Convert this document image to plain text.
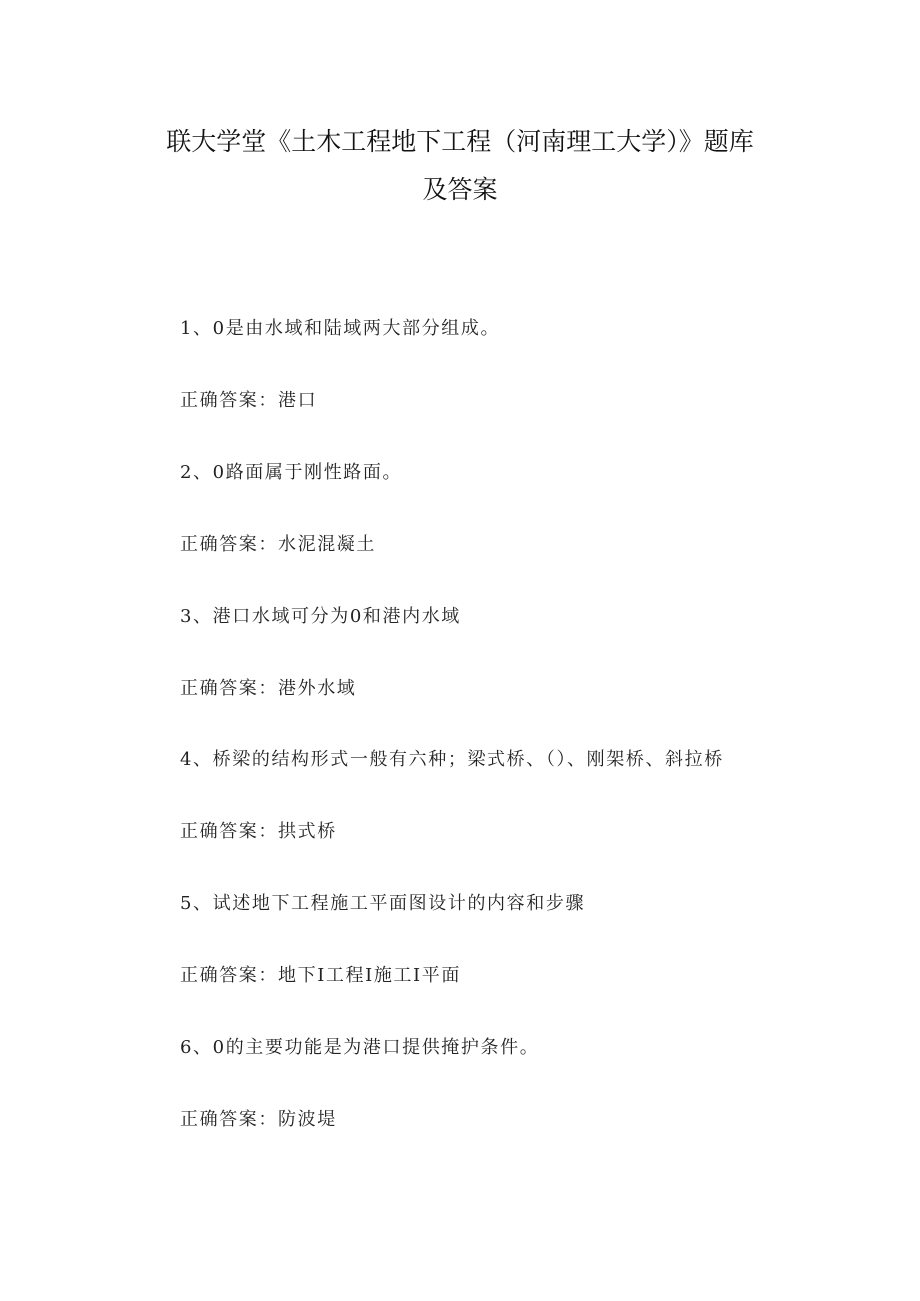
联大学堂《土木工程地下工程（河南理工大学）》题库
及答案
1、0是由水域和陆域两大部分组成。
正确答案：港口
2、0路面属于刚性路面。
正确答案：水泥混凝土
3、港口水域可分为0和港内水域
正确答案：港外水域
4、桥梁的结构形式一般有六种；梁式桥、（）、刚架桥、斜拉桥
正确答案：拱式桥
5、试述地下工程施工平面图设计的内容和步骤
正确答案：地下I工程I施工I平面
6、0的主要功能是为港口提供掩护条件。
正确答案：防波堤
